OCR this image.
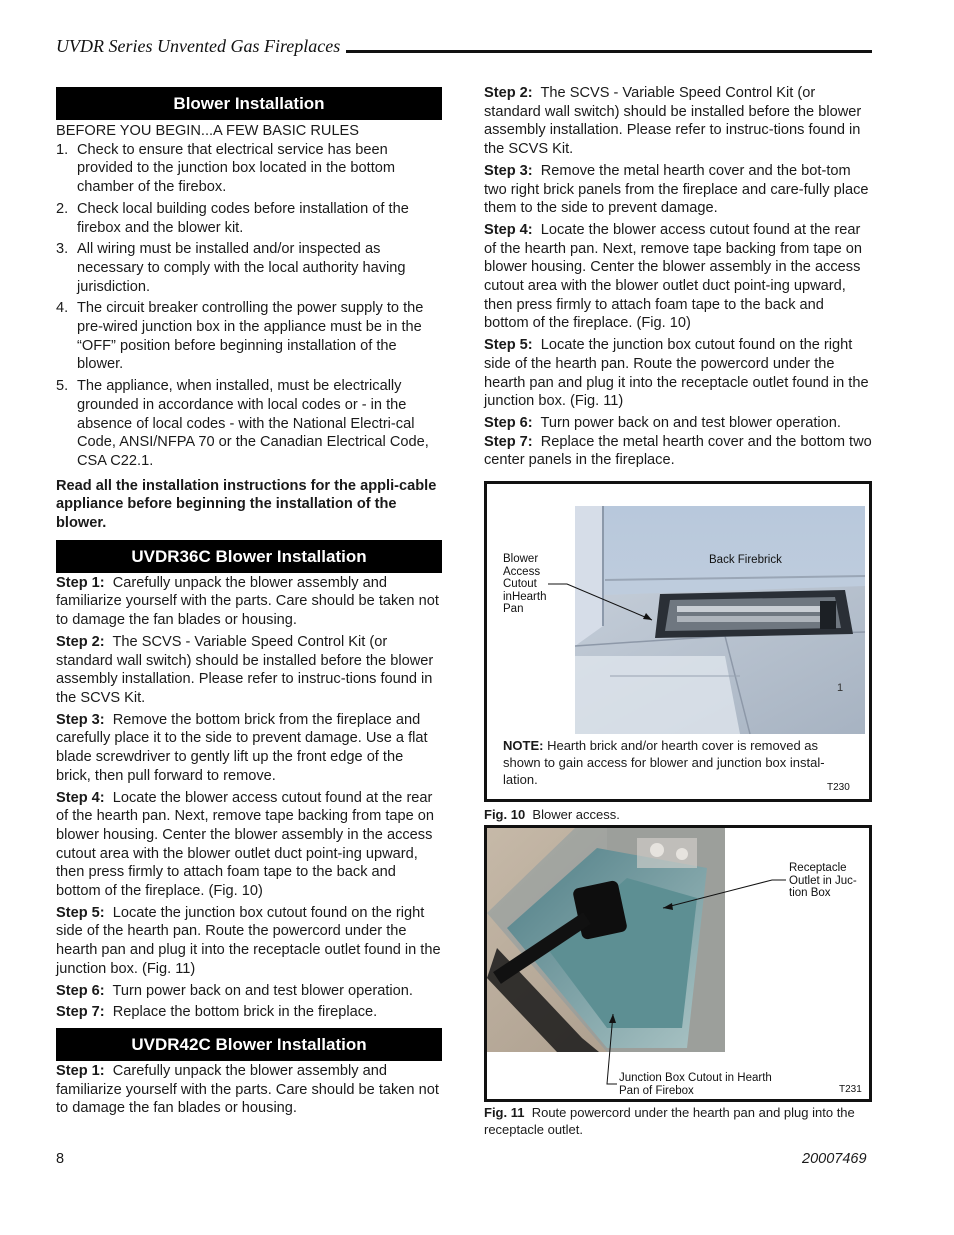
UVDR Series Unvented Gas Fireplaces
Blower Installation

BEFORE YOU BEGIN...A FEW BASIC RULES

1. Check to ensure that electrical service has been provided to the junction box located in the bottom chamber of the firebox.
2. Check local building codes before installation of the firebox and the blower kit.
3. All wiring must be installed and/or inspected as necessary to comply with the local authority having jurisdiction.
4. The circuit breaker controlling the power supply to the pre-wired junction box in the appliance must be in the “OFF” position before beginning installation of the blower.
5. The appliance, when installed, must be electrically grounded in accordance with local codes or - in the absence of local codes - with the National Electri-cal Code, ANSI/NFPA 70 or the Canadian Electrical Code, CSA C22.1.

Read all the installation instructions for the appli-cable appliance before beginning the installation of the blower.

UVDR36C Blower Installation

Step 1: Carefully unpack the blower assembly and familiarize yourself with the parts. Care should be taken not to damage the fan blades or housing.

Step 2: The SCVS - Variable Speed Control Kit (or standard wall switch) should be installed before the blower assembly installation. Please refer to instruc-tions found in the SCVS Kit.

Step 3: Remove the bottom brick from the fireplace and carefully place it to the side to prevent damage. Use a flat blade screwdriver to gently lift up the front edge of the brick, then pull forward to remove.

Step 4: Locate the blower access cutout found at the rear of the hearth pan. Next, remove tape backing from tape on blower housing. Center the blower assembly in the access cutout area with the blower outlet duct point-ing upward, then press firmly to attach foam tape to the back and bottom of the fireplace. (Fig. 10)

Step 5: Locate the junction box cutout found on the right side of the hearth pan. Route the powercord under the hearth pan and plug it into the receptacle outlet found in the junction box. (Fig. 11)

Step 6: Turn power back on and test blower operation.

Step 7: Replace the bottom brick in the fireplace.

UVDR42C Blower Installation

Step 1: Carefully unpack the blower assembly and familiarize yourself with the parts. Care should be taken not to damage the fan blades or housing.

Step 2: The SCVS - Variable Speed Control Kit (or standard wall switch) should be installed before the blower assembly installation. Please refer to instruc-tions found in the SCVS Kit.

Step 3: Remove the metal hearth cover and the bot-tom two right brick panels from the fireplace and care-fully place them to the side to prevent damage.

Step 4: Locate the blower access cutout found at the rear of the hearth pan. Next, remove tape backing from tape on blower housing. Center the blower assembly in the access cutout area with the blower outlet duct point-ing upward, then press firmly to attach foam tape to the back and bottom of the fireplace. (Fig. 10)

Step 5: Locate the junction box cutout found on the right side of the hearth pan. Route the powercord under the hearth pan and plug it into the receptacle outlet found in the junction box. (Fig. 11)

Step 6: Turn power back on and test blower operation.

Step 7: Replace the metal hearth cover and the bottom two center panels in the fireplace.

1
Blower
Access
Cutout
inHearth
Pan
Back Firebrick
NOTE: Hearth brick and/or hearth cover is removed as shown to gain access for blower and junction box instal-lation.
T230
Fig. 10 Blower access.
Receptacle
Outlet in Juc-
tion Box
Junction Box Cutout in Hearth
Pan of Firebox	T231
Fig. 11 Route powercord under the hearth pan and plug into the receptacle outlet.
8	20007469
